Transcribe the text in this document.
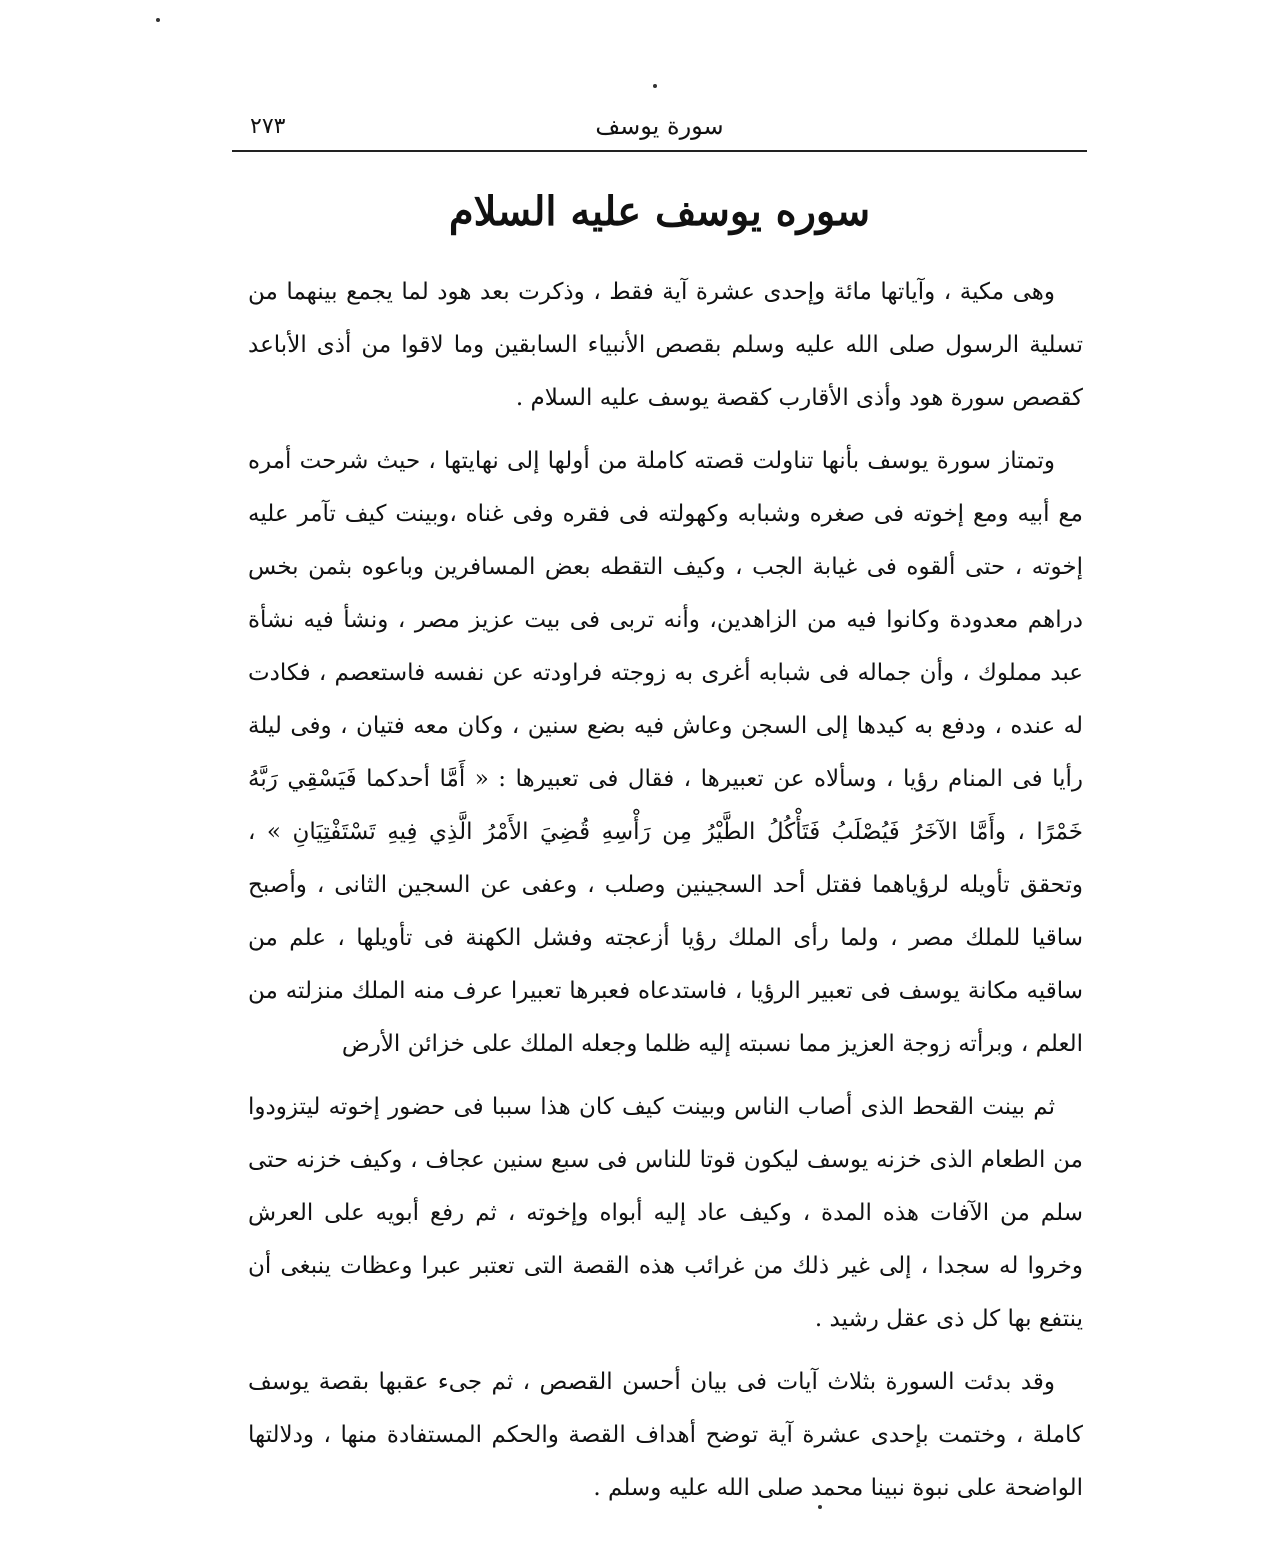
سورة يوسف
٢٧٣
سوره يوسف عليه السلام

وهى مكية ، وآياتها مائة وإحدى عشرة آية فقط ، وذكرت بعد هود لما يجمع بينهما من تسلية الرسول صلى الله عليه وسلم بقصص الأنبياء السابقين وما لاقوا من أذى الأباعد كقصص سورة هود وأذى الأقارب كقصة يوسف عليه السلام .

وتمتاز سورة يوسف بأنها تناولت قصته كاملة من أولها إلى نهايتها ، حيث شرحت أمره مع أبيه ومع إخوته فى صغره وشبابه وكهولته فى فقره وفى غناه ،وبينت كيف تآمر عليه إخوته ، حتى ألقوه فى غيابة الجب ، وكيف التقطه بعض المسافرين وباعوه بثمن بخس دراهم معدودة وكانوا فيه من الزاهدين، وأنه تربى فى بيت عزيز مصر ، ونشأ فيه نشأة عبد مملوك ، وأن جماله فى شبابه أغرى به زوجته فراودته عن نفسه فاستعصم ، فكادت له عنده ، ودفع به كيدها إلى السجن وعاش فيه بضع سنين ، وكان معه فتيان ، وفى ليلة رأيا فى المنام رؤيا ، وسألاه عن تعبيرها ، فقال فى تعبيرها : « أَمَّا أحدكما فَيَسْقِي رَبَّهُ خَمْرًا ، وأَمَّا الآخَرُ فَيُصْلَبُ فَتَأْكُلُ الطَّيْرُ مِن رَأْسِهِ قُضِيَ الأَمْرُ الَّذِي فِيهِ تَسْتَفْتِيَانِ » ، وتحقق تأويله لرؤياهما فقتل أحد السجينين وصلب ، وعفى عن السجين الثانى ، وأصبح ساقيا للملك مصر ، ولما رأى الملك رؤيا أزعجته وفشل الكهنة فى تأويلها ، علم من ساقيه مكانة يوسف فى تعبير الرؤيا ، فاستدعاه فعبرها تعبيرا عرف منه الملك منزلته من العلم ، وبرأته زوجة العزيز مما نسبته إليه ظلما وجعله الملك على خزائن الأرض

ثم بينت القحط الذى أصاب الناس وبينت كيف كان هذا سببا فى حضور إخوته ليتزودوا من الطعام الذى خزنه يوسف ليكون قوتا للناس فى سبع سنين عجاف ، وكيف خزنه حتى سلم من الآفات هذه المدة ، وكيف عاد إليه أبواه وإخوته ، ثم رفع أبويه على العرش وخروا له سجدا ، إلى غير ذلك من غرائب هذه القصة التى تعتبر عبرا وعظات ينبغى أن ينتفع بها كل ذى عقل رشيد .

وقد بدئت السورة بثلاث آيات فى بيان أحسن القصص ، ثم جىء عقبها بقصة يوسف كاملة ، وختمت بإحدى عشرة آية توضح أهداف القصة والحكم المستفادة منها ، ودلالتها الواضحة على نبوة نبينا محمد صلى الله عليه وسلم .
